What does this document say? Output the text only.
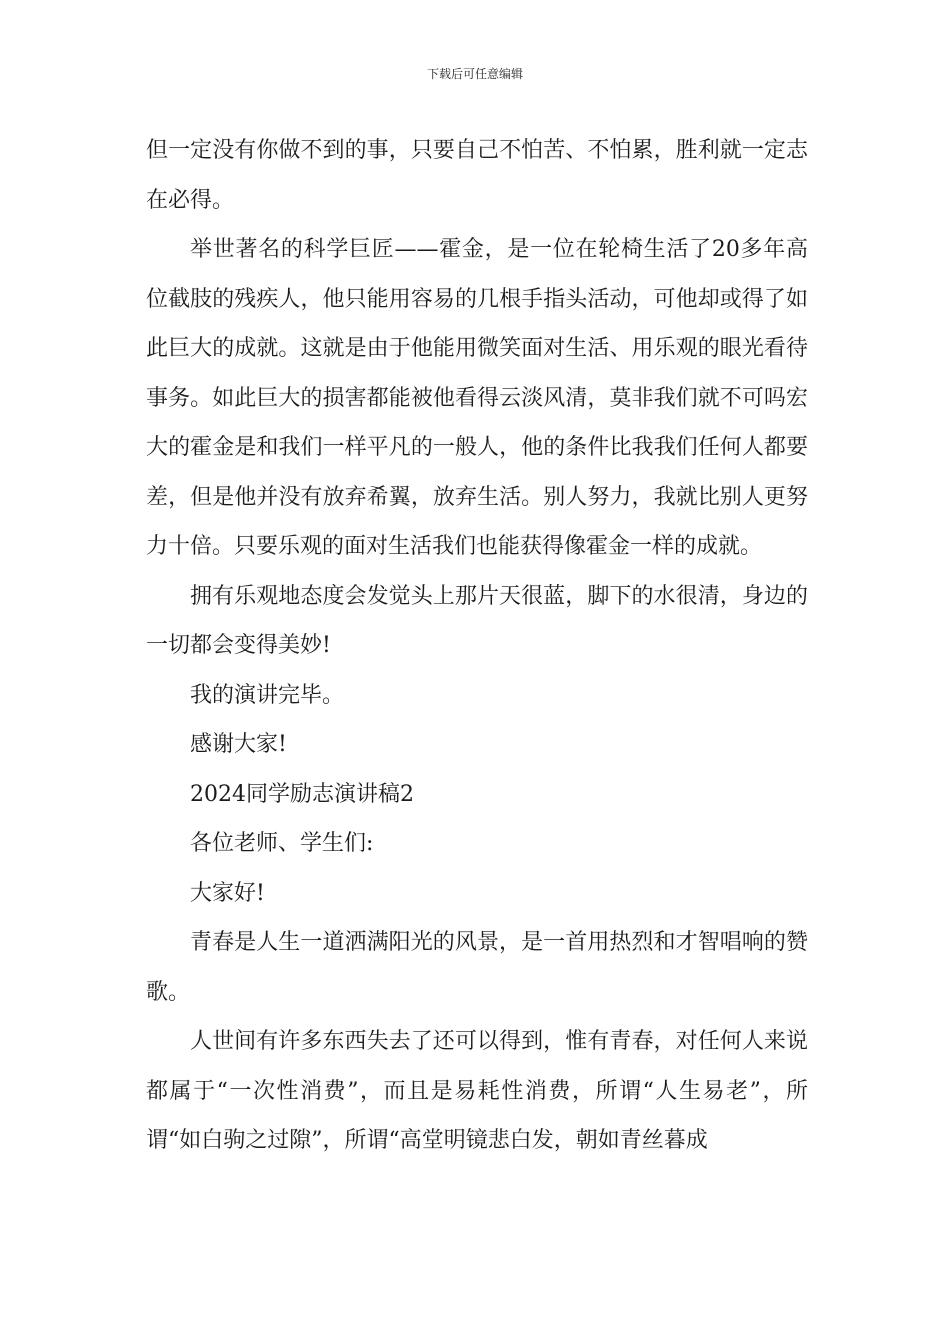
下载后可任意编辑

但一定没有你做不到的事，只要自己不怕苦、不怕累，胜利就一定志在必得。

举世著名的科学巨匠——霍金，是一位在轮椅生活了20多年高位截肢的残疾人，他只能用容易的几根手指头活动，可他却或得了如此巨大的成就。这就是由于他能用微笑面对生活、用乐观的眼光看待事务。如此巨大的损害都能被他看得云淡风清，莫非我们就不可吗宏大的霍金是和我们一样平凡的一般人，他的条件比我我们任何人都要差，但是他并没有放弃希翼，放弃生活。别人努力，我就比别人更努力十倍。只要乐观的面对生活我们也能获得像霍金一样的成就。

拥有乐观地态度会发觉头上那片天很蓝，脚下的水很清，身边的一切都会变得美妙!

我的演讲完毕。

感谢大家!

2024同学励志演讲稿2

各位老师、学生们:

大家好!

青春是人生一道洒满阳光的风景，是一首用热烈和才智唱响的赞歌。

人世间有许多东西失去了还可以得到，惟有青春，对任何人来说都属于“一次性消费”，而且是易耗性消费，所谓“人生易老”，所谓“如白驹之过隙”，所谓“高堂明镜悲白发，朝如青丝暮成
